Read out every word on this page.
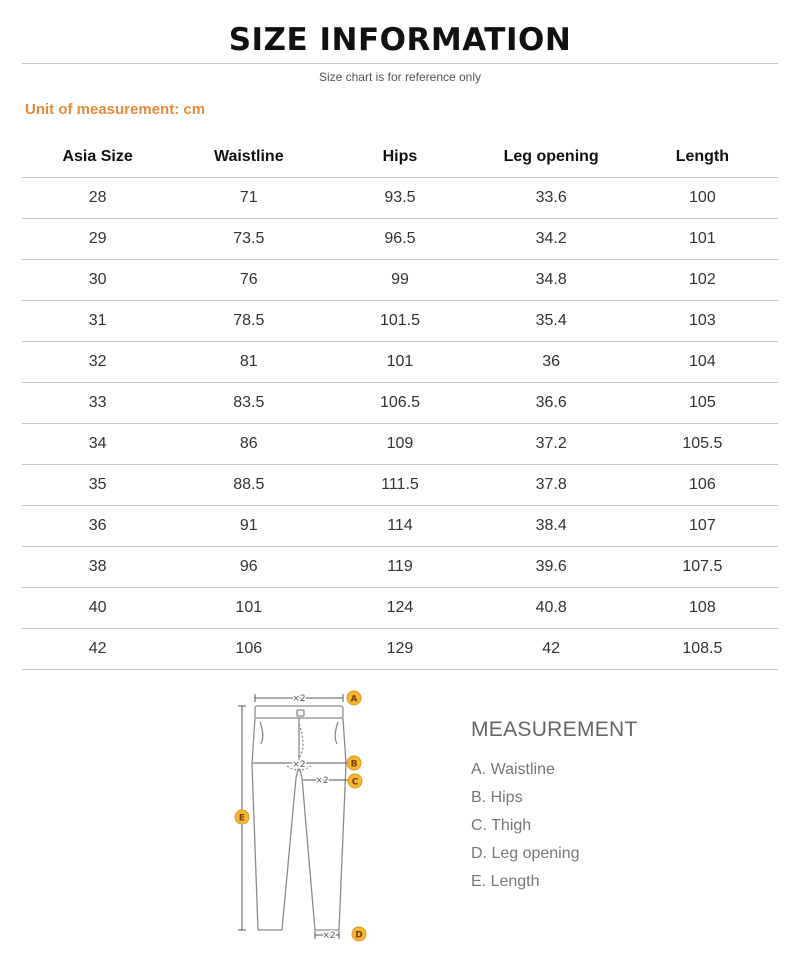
SIZE INFORMATION
Size chart is for reference only
Unit of measurement: cm
Asia Size	Waistline	Hips	Leg opening	Length
28	71	93.5	33.6	100
29	73.5	96.5	34.2	101
30	76	99	34.8	102
31	78.5	101.5	35.4	103
32	81	101	36	104
33	83.5	106.5	36.6	105
34	86	109	37.2	105.5
35	88.5	111.5	37.8	106
36	91	114	38.4	107
38	96	119	39.6	107.5
40	101	124	40.8	108
42	106	129	42	108.5
×2
×2
×2
×2
A
B
C
D
E
MEASUREMENT
A. Waistline
B. Hips
C. Thigh
D. Leg opening
E. Length
